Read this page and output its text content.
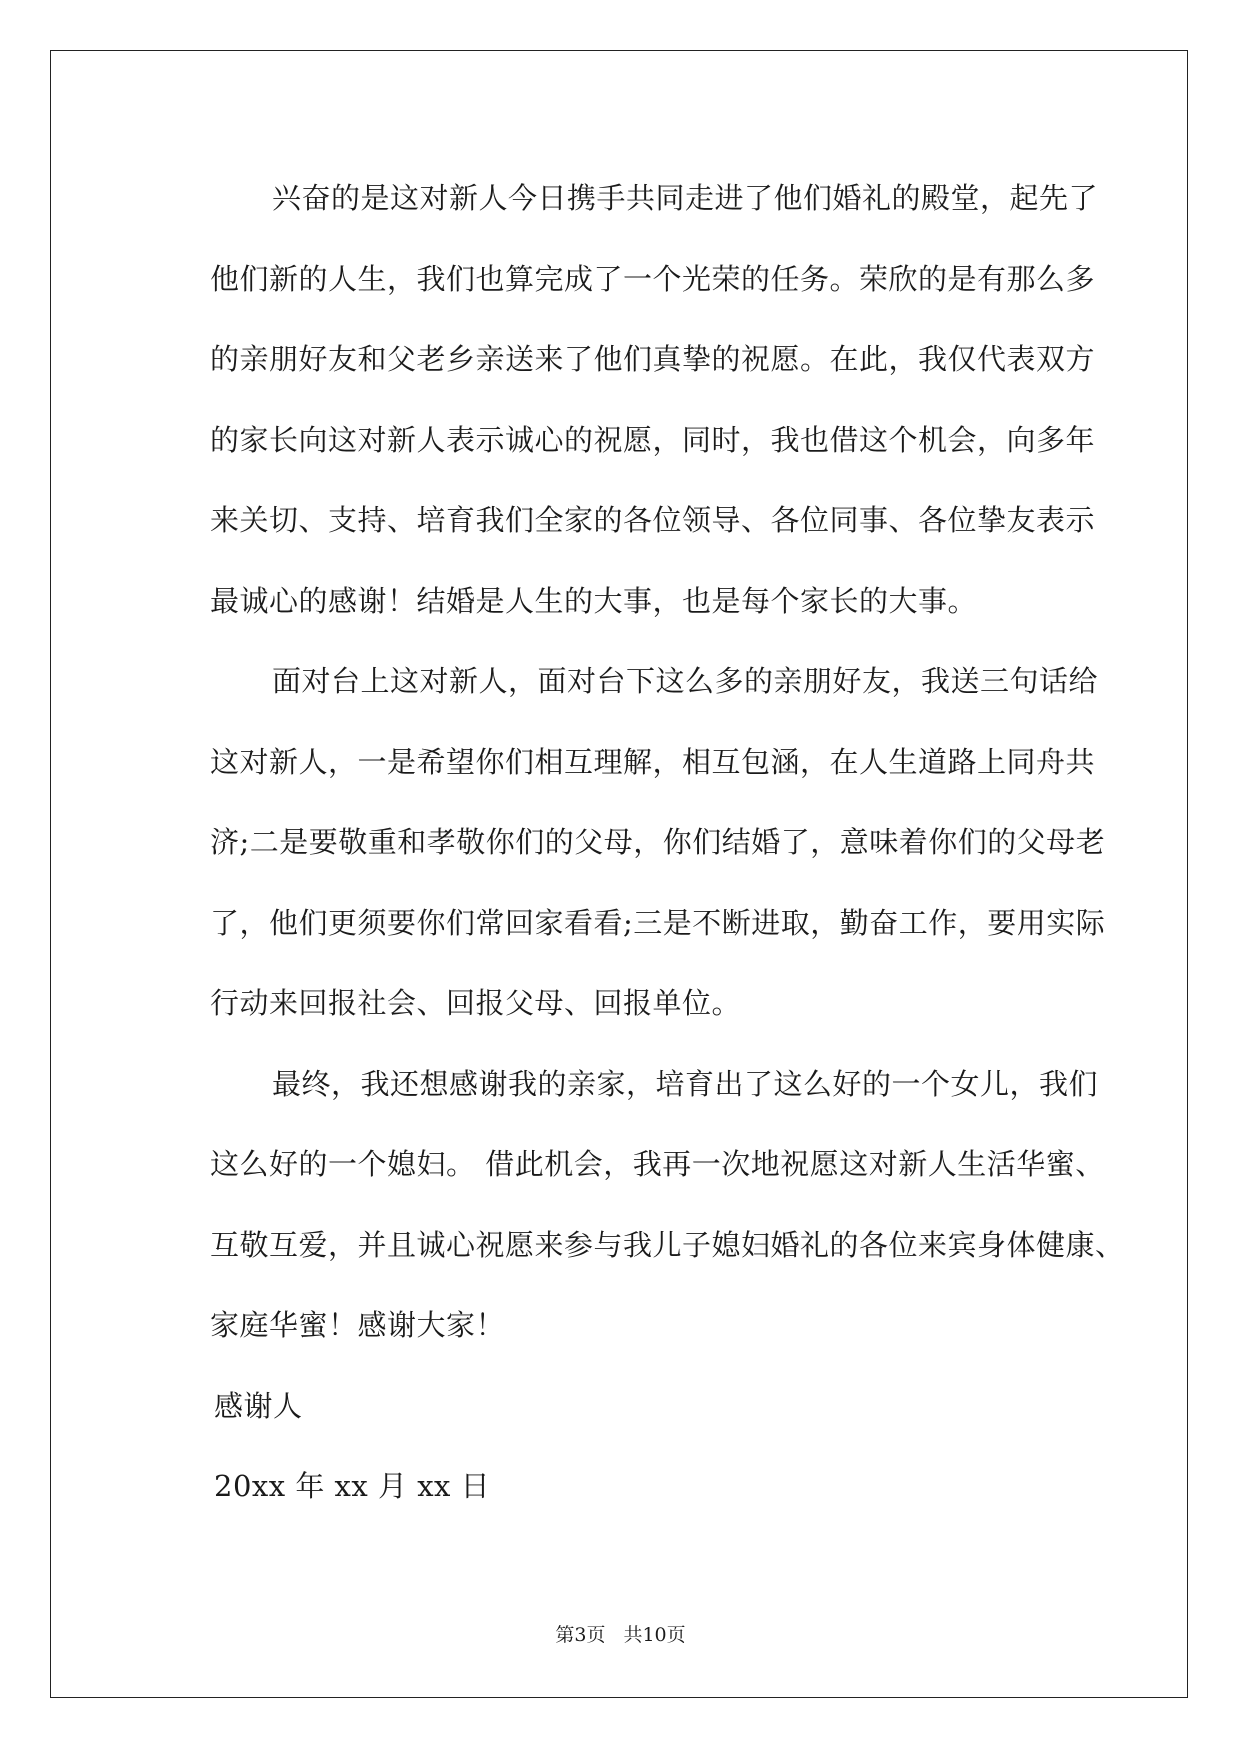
兴奋的是这对新人今日携手共同走进了他们婚礼的殿堂，起先了
他们新的人生，我们也算完成了一个光荣的任务。荣欣的是有那么多
的亲朋好友和父老乡亲送来了他们真挚的祝愿。在此，我仅代表双方
的家长向这对新人表示诚心的祝愿，同时，我也借这个机会，向多年
来关切、支持、培育我们全家的各位领导、各位同事、各位挚友表示
最诚心的感谢！结婚是人生的大事，也是每个家长的大事。
面对台上这对新人，面对台下这么多的亲朋好友，我送三句话给
这对新人，一是希望你们相互理解，相互包涵，在人生道路上同舟共
济;二是要敬重和孝敬你们的父母，你们结婚了，意味着你们的父母老
了，他们更须要你们常回家看看;三是不断进取，勤奋工作，要用实际
行动来回报社会、回报父母、回报单位。
最终，我还想感谢我的亲家，培育出了这么好的一个女儿，我们
这么好的一个媳妇。 借此机会，我再一次地祝愿这对新人生活华蜜、
互敬互爱，并且诚心祝愿来参与我儿子媳妇婚礼的各位来宾身体健康、
家庭华蜜！感谢大家！

感谢人

20xx 年 xx 月 xx 日

第3页 共10页
